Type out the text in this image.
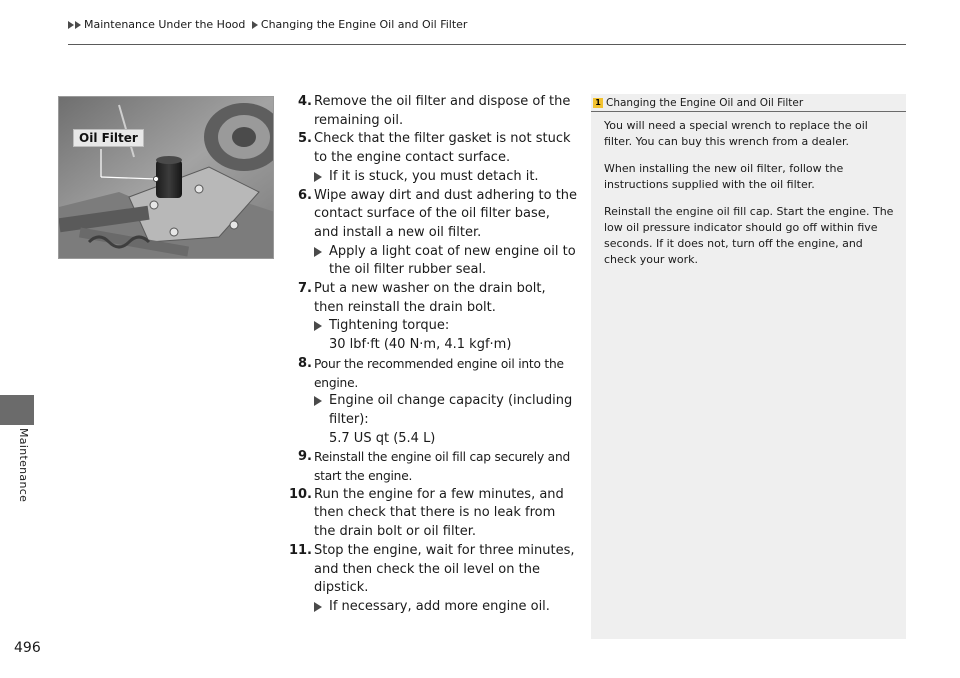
Maintenance Under the Hood
Changing the Engine Oil and Oil Filter
Maintenance
496
Oil Filter
4. Remove the oil filter and dispose of the remaining oil.
5. Check that the filter gasket is not stuck to the engine contact surface.
If it is stuck, you must detach it.
6. Wipe away dirt and dust adhering to the contact surface of the oil filter base, and install a new oil filter.
Apply a light coat of new engine oil to the oil filter rubber seal.
7. Put a new washer on the drain bolt, then reinstall the drain bolt.
Tightening torque:
30 lbf·ft (40 N·m, 4.1 kgf·m)
8. Pour the recommended engine oil into the engine.
Engine oil change capacity (including filter):
5.7 US qt (5.4 L)
9. Reinstall the engine oil fill cap securely and start the engine.
10. Run the engine for a few minutes, and then check that there is no leak from the drain bolt or oil filter.
11. Stop the engine, wait for three minutes, and then check the oil level on the dipstick.
If necessary, add more engine oil.
1 Changing the Engine Oil and Oil Filter

You will need a special wrench to replace the oil filter. You can buy this wrench from a dealer.

When installing the new oil filter, follow the instructions supplied with the oil filter.

Reinstall the engine oil fill cap. Start the engine. The low oil pressure indicator should go off within five seconds. If it does not, turn off the engine, and check your work.
